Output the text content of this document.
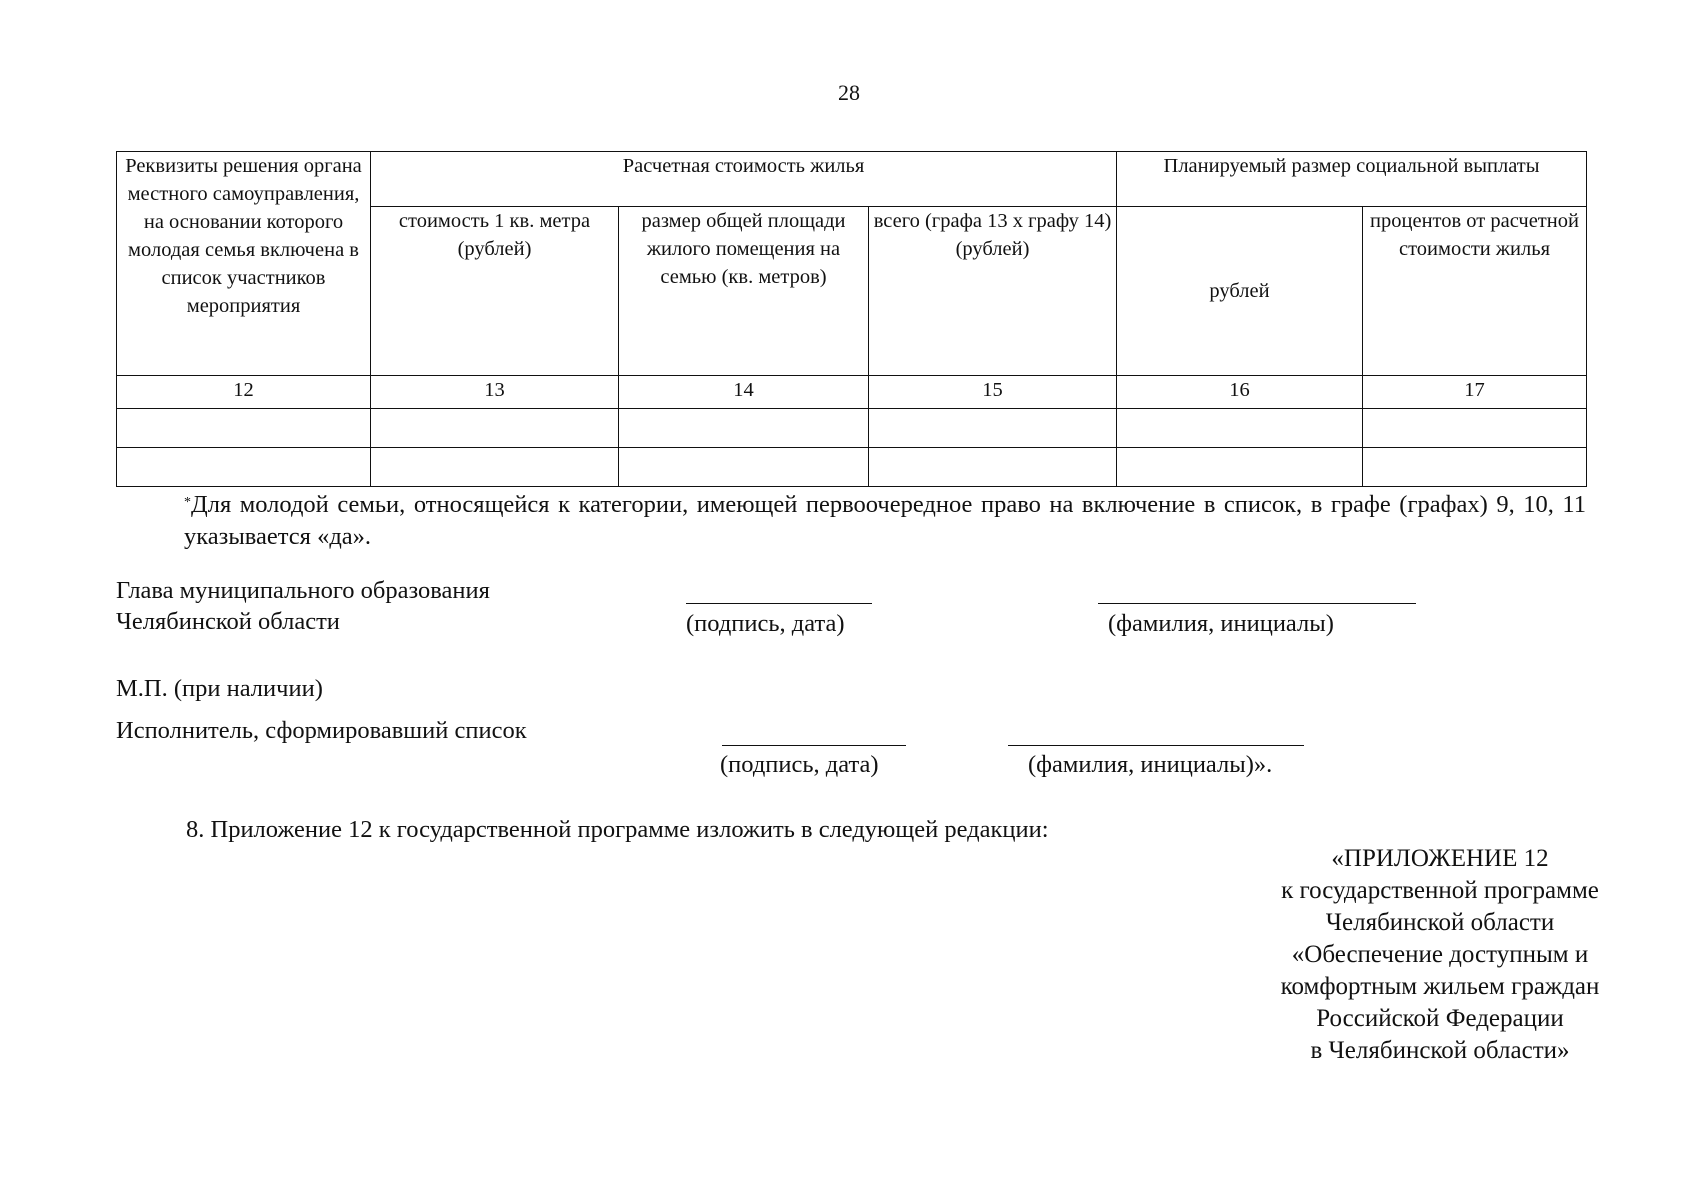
28
Реквизиты решения органа местного самоуправления, на основании которого молодая семья включена в список участников мероприятия	Расчетная стоимость жилья			Планируемый размер социальной выплаты	
	стоимость 1 кв. метра (рублей)	размер общей площади жилого помещения на семью (кв. метров)	всего (графа 13 х графу 14) (рублей)	рублей	процентов от расчетной стоимости жилья
12	13	14	15	16	17

*Для молодой семьи, относящейся к категории, имеющей первоочередное право на включение в список, в графе (графах) 9, 10, 11 указывается «да».
Глава муниципального образования
Челябинской области	(подпись, дата)	(фамилия, инициалы)
М.П. (при наличии)
Исполнитель, сформировавший список
(подпись, дата)	(фамилия, инициалы)».
8. Приложение 12 к государственной программе изложить в следующей редакции:
«ПРИЛОЖЕНИЕ 12
к государственной программе
Челябинской области
«Обеспечение доступным и
комфортным жильем граждан
Российской Федерации
в Челябинской области»
